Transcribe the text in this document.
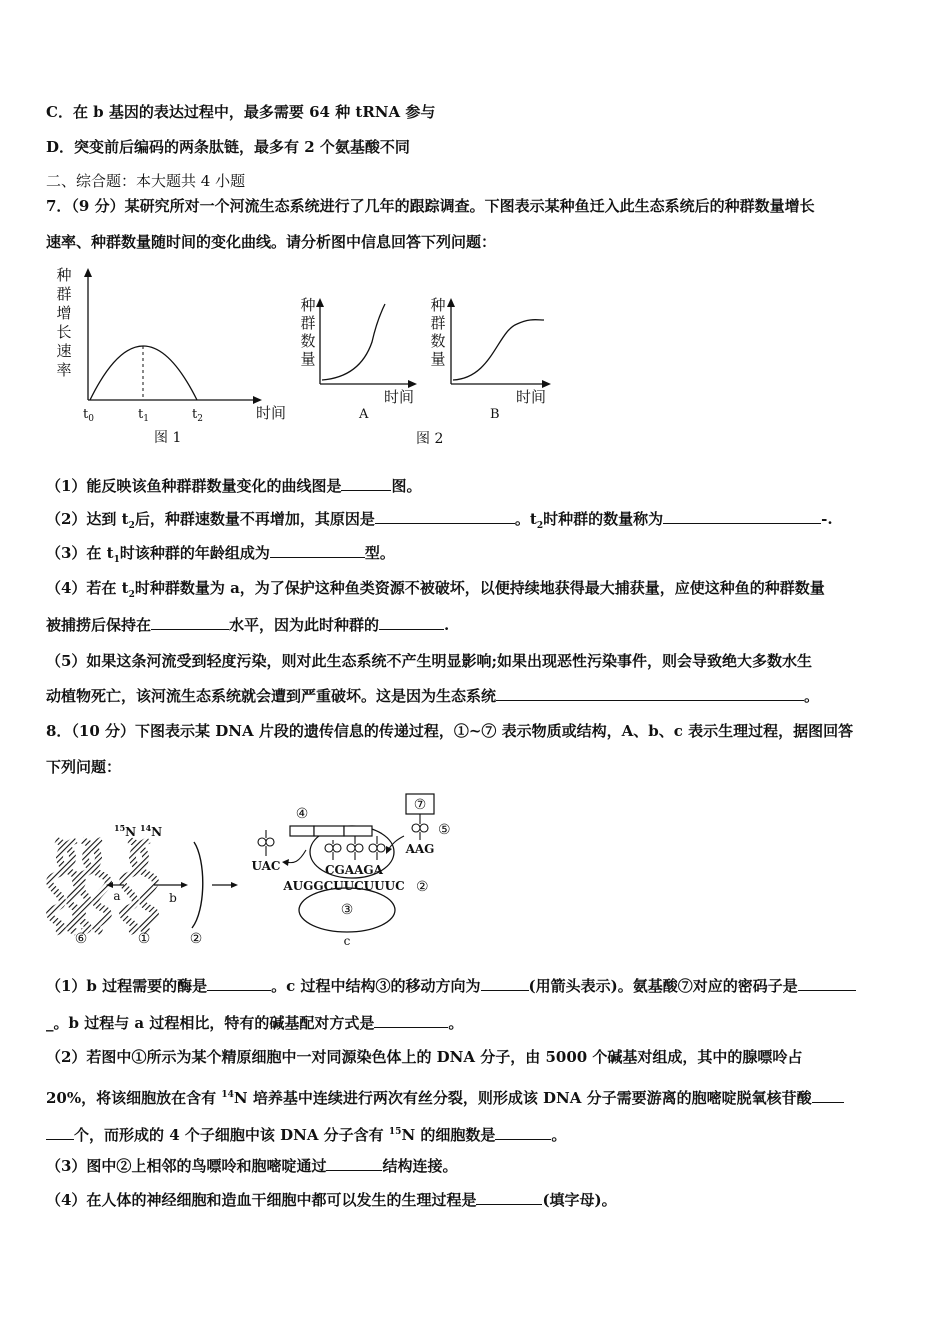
C．在 b 基因的表达过程中，最多需要 64 种 tRNA 参与
D．突变前后编码的两条肽链，最多有 2 个氨基酸不同
二、综合题：本大题共 4 小题
7．（9 分）某研究所对一个河流生态系统进行了几年的跟踪调查。下图表示某种鱼迁入此生态系统后的种群数量增长
速率、种群数量随时间的变化曲线。请分析图中信息回答下列问题：
种
群
增
长
速
率
$t_0$	$t_1$	$t_2$	时间
图 1
种
群
数
量
时间
A
种
群
数
量
时间
B
图 2
（1）能反映该鱼种群群数量变化的曲线图是	图。
（2）达到 $t_2$后，种群速数量不再增加，其原因是	。$t_2$时种群的数量称为	-.
（3）在 $t_1$时该种群的年龄组成为	型。
（4）若在 $t_2$时种群数量为 a，为了保护这种鱼类资源不被破坏，以便持续地获得最大捕获量，应使这种鱼的种群数量
被捕捞后保持在	水平，因为此时种群的	.
（5）如果这条河流受到轻度污染，则对此生态系统不产生明显影响;如果出现恶性污染事件，则会导致绝大多数水生
动植物死亡，该河流生态系统就会遭到严重破坏。这是因为生态系统	。
8．（10 分）下图表示某 DNA 片段的遗传信息的传递过程，①~⑦ 表示物质或结构，A、b、c 表示生理过程，据图回答
下列问题：
a	b
$^{15}$N $^{14}$N
⑥	①	②
③
c
④
CGAAGA
AUGGCUUCUUUC ②
UAC
⑦
⑤
AAG
（1）b 过程需要的酶是	。c 过程中结构③的移动方向为	(用箭头表示)。氨基酸⑦对应的密码子是
_。b 过程与 a 过程相比，特有的碱基配对方式是	。
（2）若图中①所示为某个精原细胞中一对同源染色体上的 DNA 分子，由 5000 个碱基对组成，其中的腺嘌呤占
20%，将该细胞放在含有 $^{14}$N 培养基中连续进行两次有丝分裂，则形成该 DNA 分子需要游离的胞嘧啶脱氧核苷酸
个，而形成的 4 个子细胞中该 DNA 分子含有 $^{15}$N 的细胞数是	。
（3）图中②上相邻的鸟嘌呤和胞嘧啶通过	结构连接。
（4）在人体的神经细胞和造血干细胞中都可以发生的生理过程是	(填字母)。
